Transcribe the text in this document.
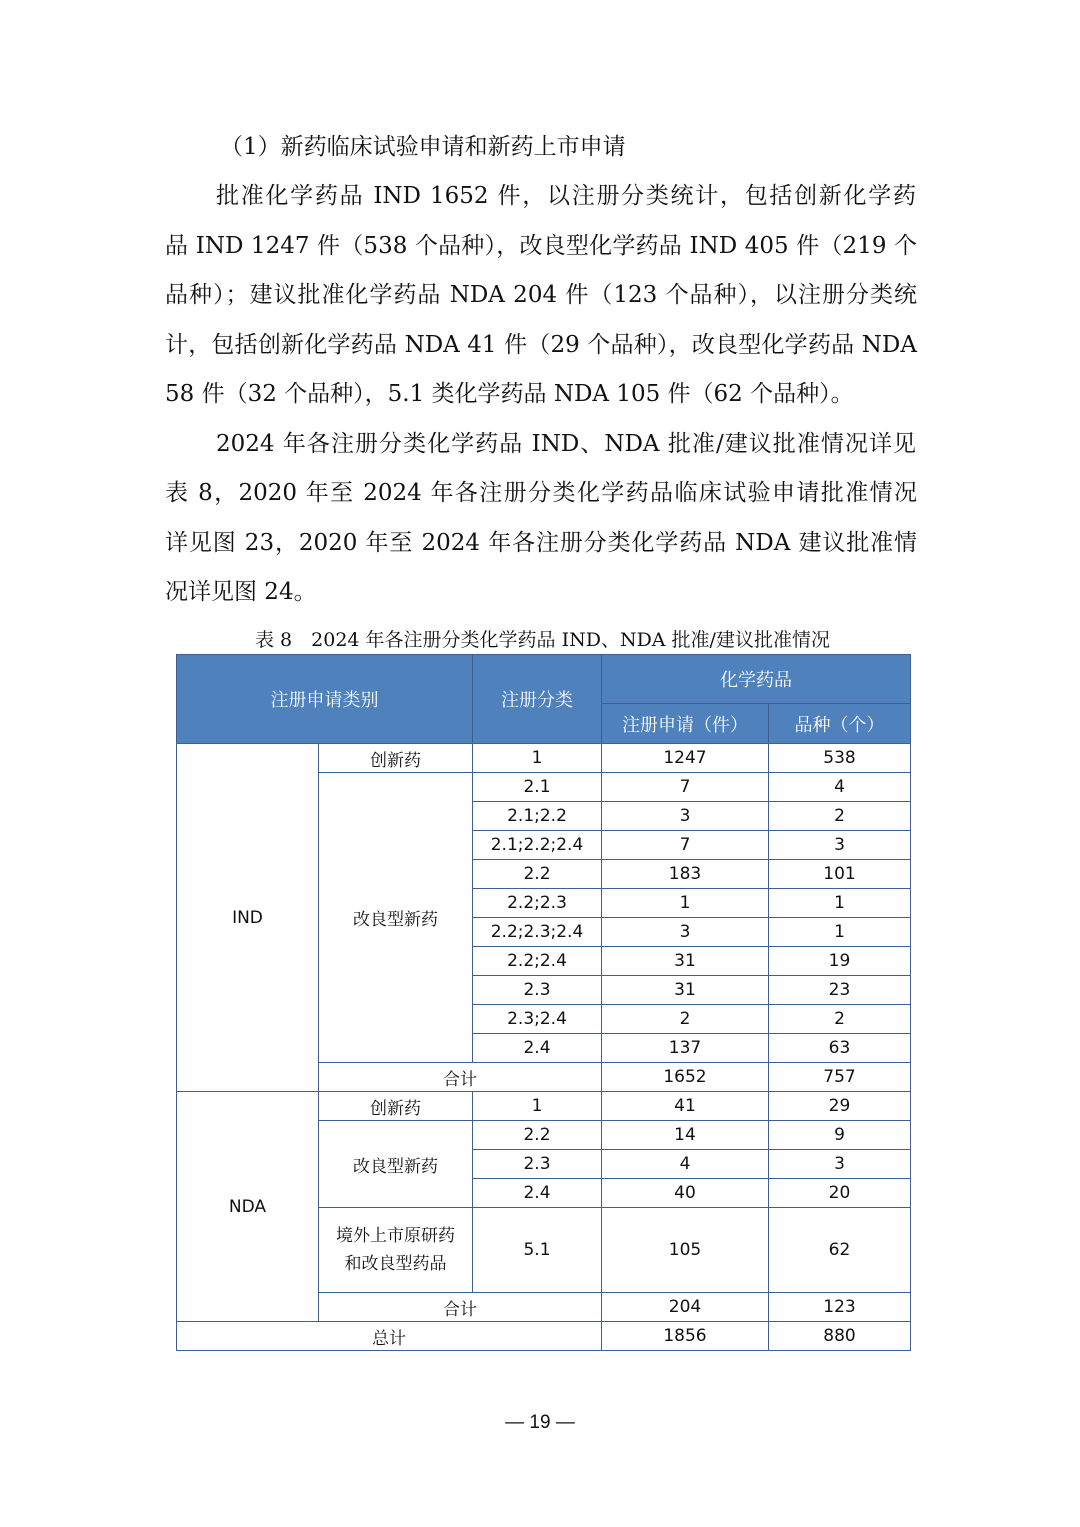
（1）新药临床试验申请和新药上市申请
批准化学药品 IND 1652 件，以注册分类统计，包括创新化学药
品 IND 1247 件（538 个品种），改良型化学药品 IND 405 件（219 个
品种）；建议批准化学药品 NDA 204 件（123 个品种），以注册分类统
计，包括创新化学药品 NDA 41 件（29 个品种），改良型化学药品 NDA
58 件（32 个品种），5.1 类化学药品 NDA 105 件（62 个品种）。
2024 年各注册分类化学药品 IND、NDA 批准/建议批准情况详见
表 8，2020 年至 2024 年各注册分类化学药品临床试验申请批准情况
详见图 23，2020 年至 2024 年各注册分类化学药品 NDA 建议批准情
况详见图 24。
表 8　2024 年各注册分类化学药品 IND、NDA 批准/建议批准情况
注册申请类别		注册分类	化学药品	
			注册申请（件）	品种（个）
IND	创新药	1	1247	538
	改良型新药	2.1	7	4
		2.1;2.2	3	2
		2.1;2.2;2.4	7	3
		2.2	183	101
		2.2;2.3	1	1
		2.2;2.3;2.4	3	1
		2.2;2.4	31	19
		2.3	31	23
		2.3;2.4	2	2
		2.4	137	63
	合计		1652	757
NDA	创新药	1	41	29
	改良型新药	2.2	14	9
		2.3	4	3
		2.4	40	20
	境外上市原研药和改良型药品	5.1	105	62
	合计		204	123
总计			1856	880
— 19 —
